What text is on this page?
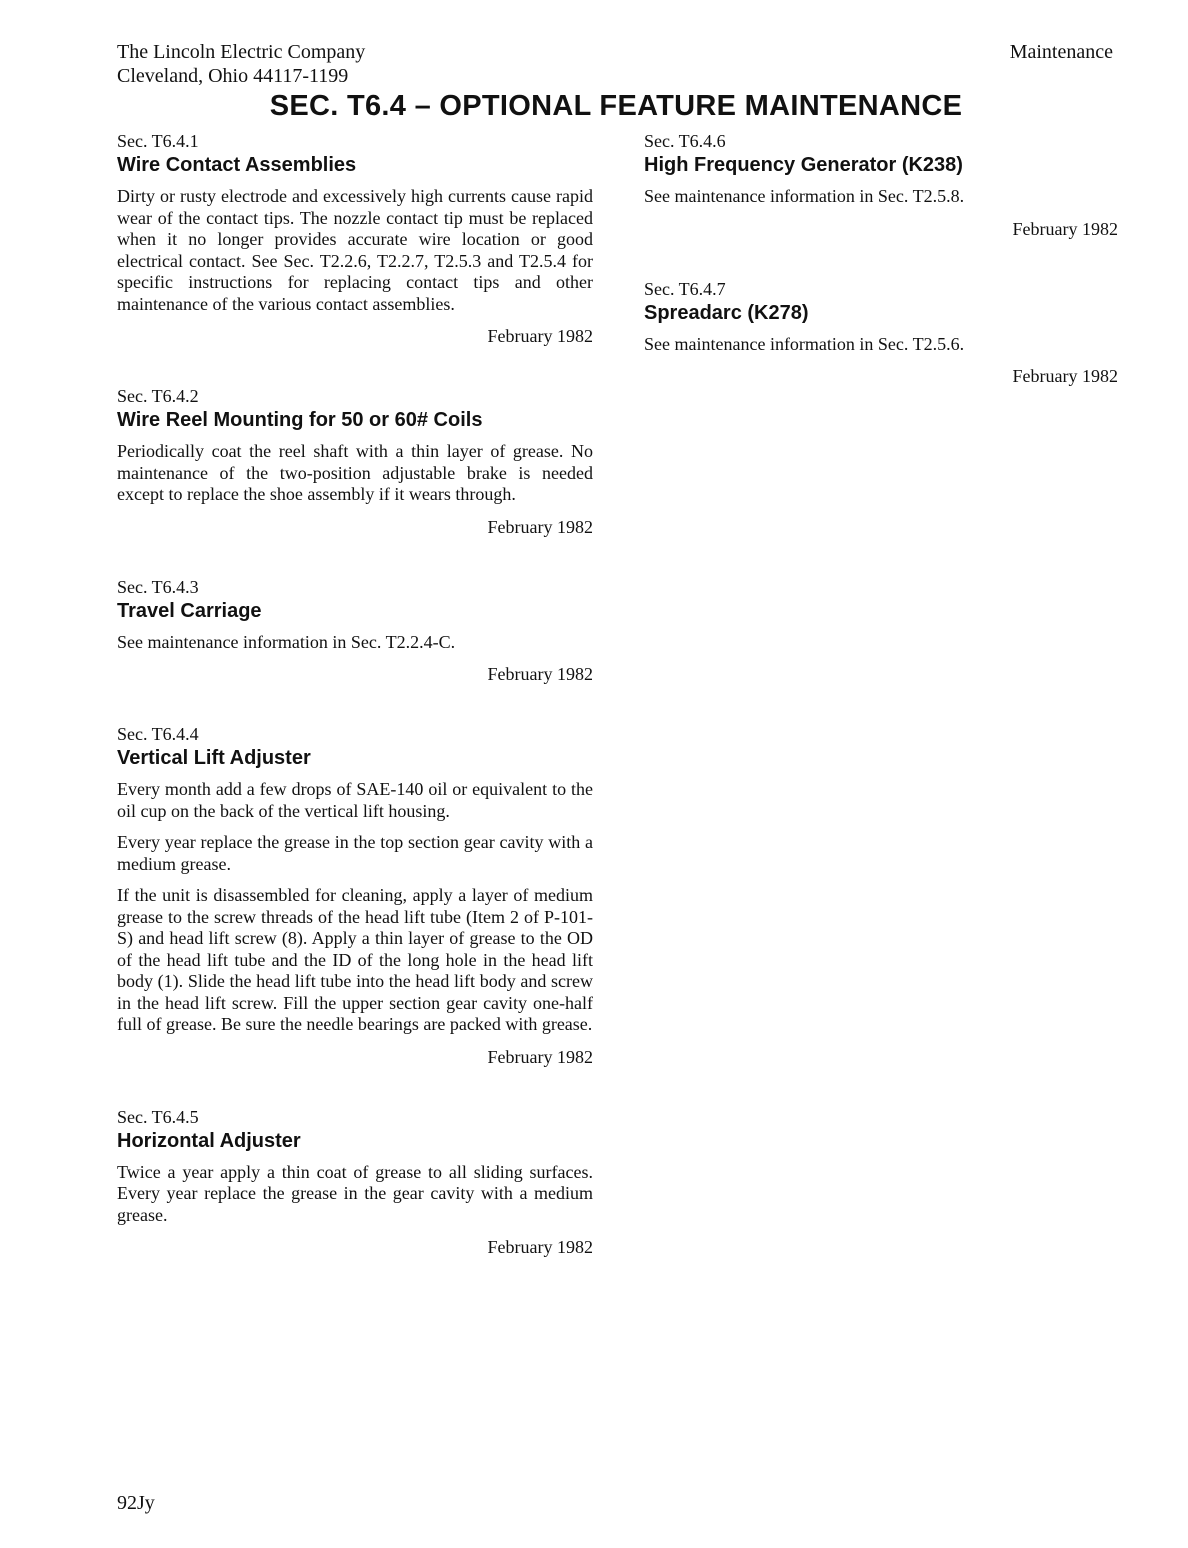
The Lincoln Electric Company
Cleveland, Ohio 44117-1199
Maintenance
SEC. T6.4 – OPTIONAL FEATURE MAINTENANCE
Sec. T6.4.1
Wire Contact Assemblies

Dirty or rusty electrode and excessively high currents cause rapid wear of the contact tips. The nozzle contact tip must be replaced when it no longer provides accurate wire location or good electrical contact. See Sec. T2.2.6, T2.2.7, T2.5.3 and T2.5.4 for specific instructions for replacing contact tips and other maintenance of the various contact assemblies.

February 1982
Sec. T6.4.2
Wire Reel Mounting for 50 or 60# Coils

Periodically coat the reel shaft with a thin layer of grease. No maintenance of the two-position adjustable brake is needed except to replace the shoe assembly if it wears through.

February 1982
Sec. T6.4.3
Travel Carriage

See maintenance information in Sec. T2.2.4-C.

February 1982
Sec. T6.4.4
Vertical Lift Adjuster

Every month add a few drops of SAE-140 oil or equivalent to the oil cup on the back of the vertical lift housing.

Every year replace the grease in the top section gear cavity with a medium grease.

If the unit is disassembled for cleaning, apply a layer of medium grease to the screw threads of the head lift tube (Item 2 of P-101-S) and head lift screw (8). Apply a thin layer of grease to the OD of the head lift tube and the ID of the long hole in the head lift body (1). Slide the head lift tube into the head lift body and screw in the head lift screw. Fill the upper section gear cavity one-half full of grease. Be sure the needle bearings are packed with grease.

February 1982
Sec. T6.4.5
Horizontal Adjuster

Twice a year apply a thin coat of grease to all sliding surfaces. Every year replace the grease in the gear cavity with a medium grease.

February 1982
Sec. T6.4.6
High Frequency Generator (K238)

See maintenance information in Sec. T2.5.8.

February 1982
Sec. T6.4.7
Spreadarc (K278)

See maintenance information in Sec. T2.5.6.

February 1982
92Jy
